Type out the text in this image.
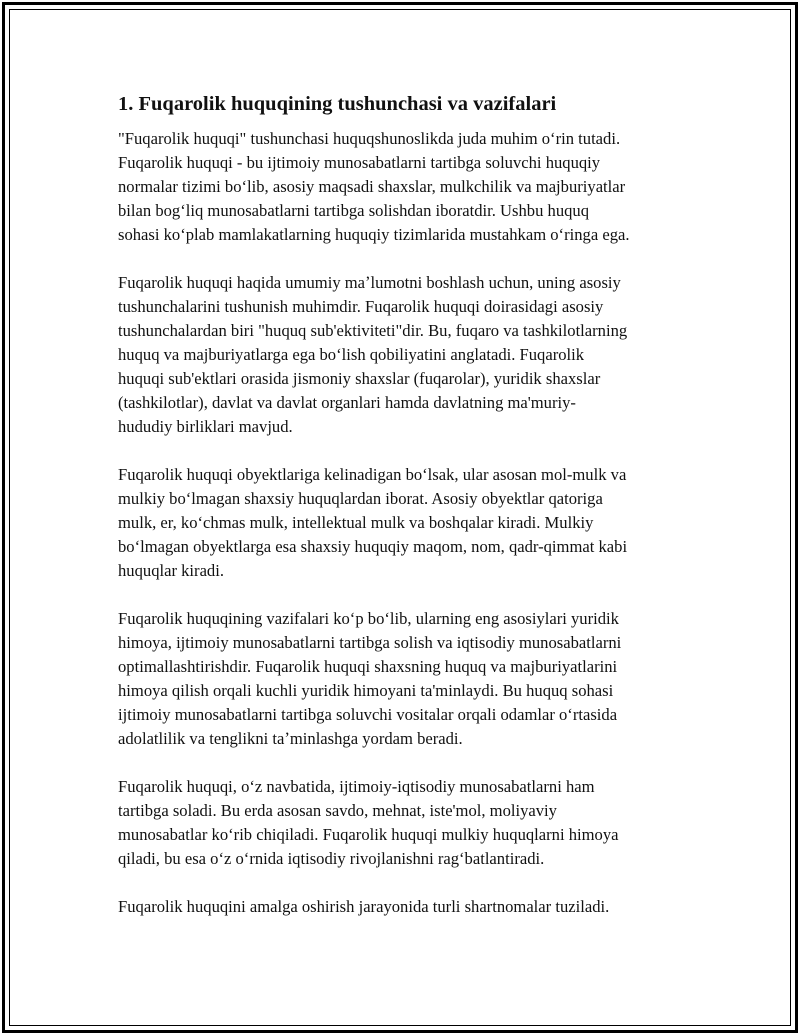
1. Fuqarolik huquqining tushunchasi va vazifalari

"Fuqarolik huquqi" tushunchasi huquqshunoslikda juda muhim oʻrin tutadi.
Fuqarolik huquqi - bu ijtimoiy munosabatlarni tartibga soluvchi huquqiy
normalar tizimi boʻlib, asosiy maqsadi shaxslar, mulkchilik va majburiyatlar
bilan bogʻliq munosabatlarni tartibga solishdan iboratdir. Ushbu huquq
sohasi koʻplab mamlakatlarning huquqiy tizimlarida mustahkam oʻringa ega.

Fuqarolik huquqi haqida umumiy maʼlumotni boshlash uchun, uning asosiy
tushunchalarini tushunish muhimdir. Fuqarolik huquqi doirasidagi asosiy
tushunchalardan biri "huquq sub'ektiviteti"dir. Bu, fuqaro va tashkilotlarning
huquq va majburiyatlarga ega boʻlish qobiliyatini anglatadi. Fuqarolik
huquqi sub'ektlari orasida jismoniy shaxslar (fuqarolar), yuridik shaxslar
(tashkilotlar), davlat va davlat organlari hamda davlatning ma'muriy-
hududiy birliklari mavjud.

Fuqarolik huquqi obyektlariga kelinadigan boʻlsak, ular asosan mol-mulk va
mulkiy boʻlmagan shaxsiy huquqlardan iborat. Asosiy obyektlar qatoriga
mulk, er, koʻchmas mulk, intellektual mulk va boshqalar kiradi. Mulkiy
boʻlmagan obyektlarga esa shaxsiy huquqiy maqom, nom, qadr-qimmat kabi
huquqlar kiradi.

Fuqarolik huquqining vazifalari koʻp boʻlib, ularning eng asosiylari yuridik
himoya, ijtimoiy munosabatlarni tartibga solish va iqtisodiy munosabatlarni
optimallashtirishdir. Fuqarolik huquqi shaxsning huquq va majburiyatlarini
himoya qilish orqali kuchli yuridik himoyani ta'minlaydi. Bu huquq sohasi
ijtimoiy munosabatlarni tartibga soluvchi vositalar orqali odamlar oʻrtasida
adolatlilik va tenglikni taʼminlashga yordam beradi.

Fuqarolik huquqi, oʻz navbatida, ijtimoiy-iqtisodiy munosabatlarni ham
tartibga soladi. Bu erda asosan savdo, mehnat, iste'mol, moliyaviy
munosabatlar koʻrib chiqiladi. Fuqarolik huquqi mulkiy huquqlarni himoya
qiladi, bu esa oʻz oʻrnida iqtisodiy rivojlanishni ragʻbatlantiradi.

Fuqarolik huquqini amalga oshirish jarayonida turli shartnomalar tuziladi.
